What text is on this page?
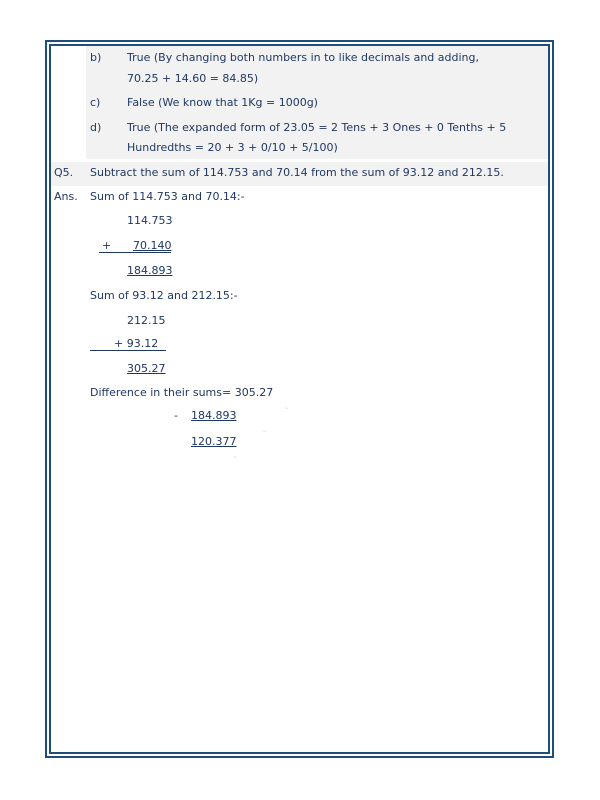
b) True (By changing both numbers in to like decimals and adding,
70.25 + 14.60 = 84.85)
c) False (We know that 1Kg = 1000g)
d) True (The expanded form of 23.05 = 2 Tens + 3 Ones + 0 Tenths + 5
Hundredths = 20 + 3 + 0/10 + 5/100)
Q5. Subtract the sum of 114.753 and 70.14 from the sum of 93.12 and 212.15.
Ans. Sum of 114.753 and 70.14:-
114.753
+ 70.140
184.893
Sum of 93.12 and 212.15:-
212.15
+ 93.12
305.27
Difference in their sums= 305.27
- 184.893
120.377
~
~
~
